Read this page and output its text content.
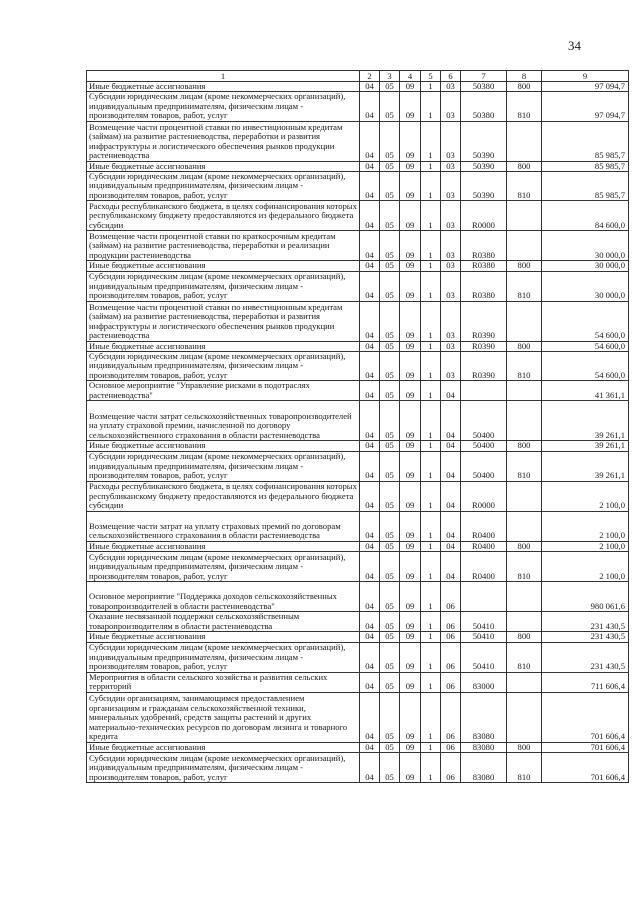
34
1	2	3	4	5	6	7	8	9
Иные бюджетные ассигнования	04	05	09	1	03	50380	800	97 094,7
Субсидии юридическим лицам (кроме некоммерческих организаций), индивидуальным предпринимателям, физическим лицам - производителям товаров, работ, услуг	04	05	09	1	03	50380	810	97 094,7
Возмещение части процентной ставки по инвестиционным кредитам (займам) на развитие растениеводства, переработки и развития инфраструктуры и логистического обеспечения рынков продукции растениеводства	04	05	09	1	03	50390		85 985,7
Иные бюджетные ассигнования	04	05	09	1	03	50390	800	85 985,7
Субсидии юридическим лицам (кроме некоммерческих организаций), индивидуальным предпринимателям, физическим лицам - производителям товаров, работ, услуг	04	05	09	1	03	50390	810	85 985,7
Расходы республиканского бюджета, в целях софинансирования которых республиканскому бюджету предоставляются из федерального бюджета субсидии	04	05	09	1	03	R0000		84 600,0
Возмещение части процентной ставки по краткосрочным кредитам (займам) на развитие растениеводства, переработки и реализации продукции растениеводства	04	05	09	1	03	R0380		30 000,0
Иные бюджетные ассигнования	04	05	09	1	03	R0380	800	30 000,0
Субсидии юридическим лицам (кроме некоммерческих организаций), индивидуальным предпринимателям, физическим лицам - производителям товаров, работ, услуг	04	05	09	1	03	R0380	810	30 000,0
Возмещение части процентной ставки по инвестиционным кредитам (займам) на развитие растениеводства, переработки и развития инфраструктуры и логистического обеспечения рынков продукции растениеводства	04	05	09	1	03	R0390		54 600,0
Иные бюджетные ассигнования	04	05	09	1	03	R0390	800	54 600,0
Субсидии юридическим лицам (кроме некоммерческих организаций), индивидуальным предпринимателям, физическим лицам - производителям товаров, работ, услуг	04	05	09	1	03	R0390	810	54 600,0
Основное мероприятие "Управление рисками в подотраслях растениеводства"	04	05	09	1	04			41 361,1
Возмещение части затрат сельскохозяйственных товаропроизводителей на уплату страховой премии, начисленной по договору сельскохозяйственного страхования в области растениеводства	04	05	09	1	04	50400		39 261,1
Иные бюджетные ассигнования	04	05	09	1	04	50400	800	39 261,1
Субсидии юридическим лицам (кроме некоммерческих организаций), индивидуальным предпринимателям, физическим лицам - производителям товаров, работ, услуг	04	05	09	1	04	50400	810	39 261,1
Расходы республиканского бюджета, в целях софинансирования которых республиканскому бюджету предоставляются из федерального бюджета субсидии	04	05	09	1	04	R0000		2 100,0
Возмещение части затрат на уплату страховых премий по договорам сельскохозяйственного страхования в области растениеводства	04	05	09	1	04	R0400		2 100,0
Иные бюджетные ассигнования	04	05	09	1	04	R0400	800	2 100,0
Субсидии юридическим лицам (кроме некоммерческих организаций), индивидуальным предпринимателям, физическим лицам - производителям товаров, работ, услуг	04	05	09	1	04	R0400	810	2 100,0
Основное мероприятие "Поддержка доходов сельскохозяйственных товаропроизводителей в области растениеводства"	04	05	09	1	06			980 061,6
Оказание несвязанной поддержки сельскохозяйственным товаропроизводителям в области растениеводства	04	05	09	1	06	50410		231 430,5
Иные бюджетные ассигнования	04	05	09	1	06	50410	800	231 430,5
Субсидии юридическим лицам (кроме некоммерческих организаций), индивидуальным предпринимателям, физическим лицам - производителям товаров, работ, услуг	04	05	09	1	06	50410	810	231 430,5
Мероприятия в области сельского хозяйства и развития сельских территорий	04	05	09	1	06	83000		711 606,4
Субсидии организациям, занимающимся предоставлением организациям и гражданам сельскохозяйственной техники, минеральных удобрений, средств защиты растений и других материально-технических ресурсов по договорам лизинга и товарного кредита	04	05	09	1	06	83080		701 606,4
Иные бюджетные ассигнования	04	05	09	1	06	83080	800	701 606,4
Субсидии юридическим лицам (кроме некоммерческих организаций), индивидуальным предпринимателям, физическим лицам - производителям товаров, работ, услуг	04	05	09	1	06	83080	810	701 606,4
